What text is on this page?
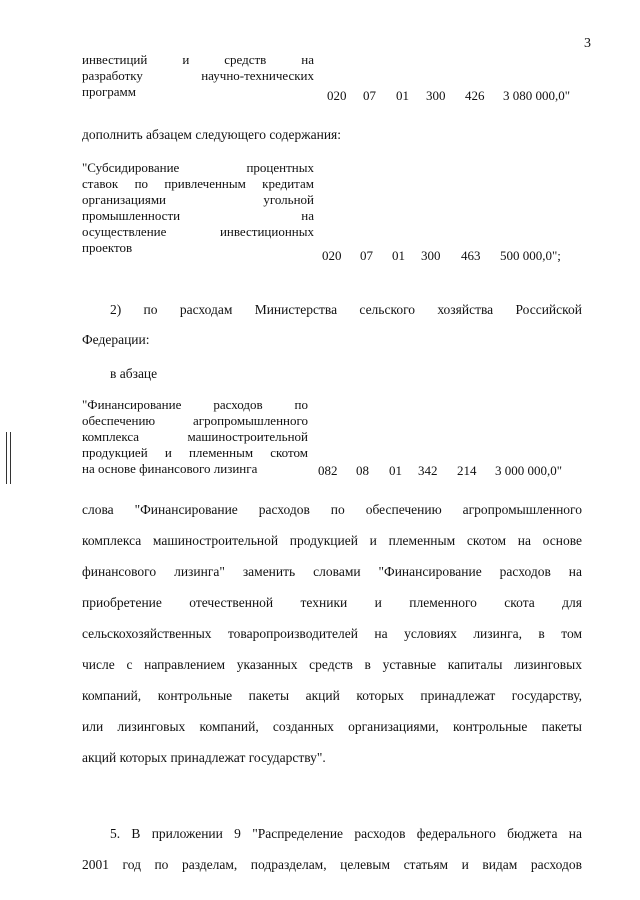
3
инвестиций и средств на
разработку научно-технических
программ	020 07 01 300 426 3 080 000,0"
дополнить абзацем следующего содержания:
"Субсидирование процентных
ставок по привлеченным кредитам
организациями угольной
промышленности на
осуществление инвестиционных
проектов
020 07 01 300 463 500 000,0";
2) по расходам Министерства сельского хозяйства Российской
Федерации:
в абзаце
"Финансирование расходов по
обеспечению агропромышленного
комплекса машиностроительной
продукцией и племенным скотом
на основе финансового лизинга	082 08 01 342 214 3 000 000,0"
слова "Финансирование расходов по обеспечению агропромышленного
комплекса машиностроительной продукцией и племенным скотом на основе
финансового лизинга" заменить словами "Финансирование расходов на
приобретение отечественной техники и племенного скота для
сельскохозяйственных товаропроизводителей на условиях лизинга, в том
числе с направлением указанных средств в уставные капиталы лизинговых
компаний, контрольные пакеты акций которых принадлежат государству,
или лизинговых компаний, созданных организациями, контрольные пакеты
акций которых принадлежат государству".
5. В приложении 9 "Распределение расходов федерального бюджета на
2001 год по разделам, подразделам, целевым статьям и видам расходов
